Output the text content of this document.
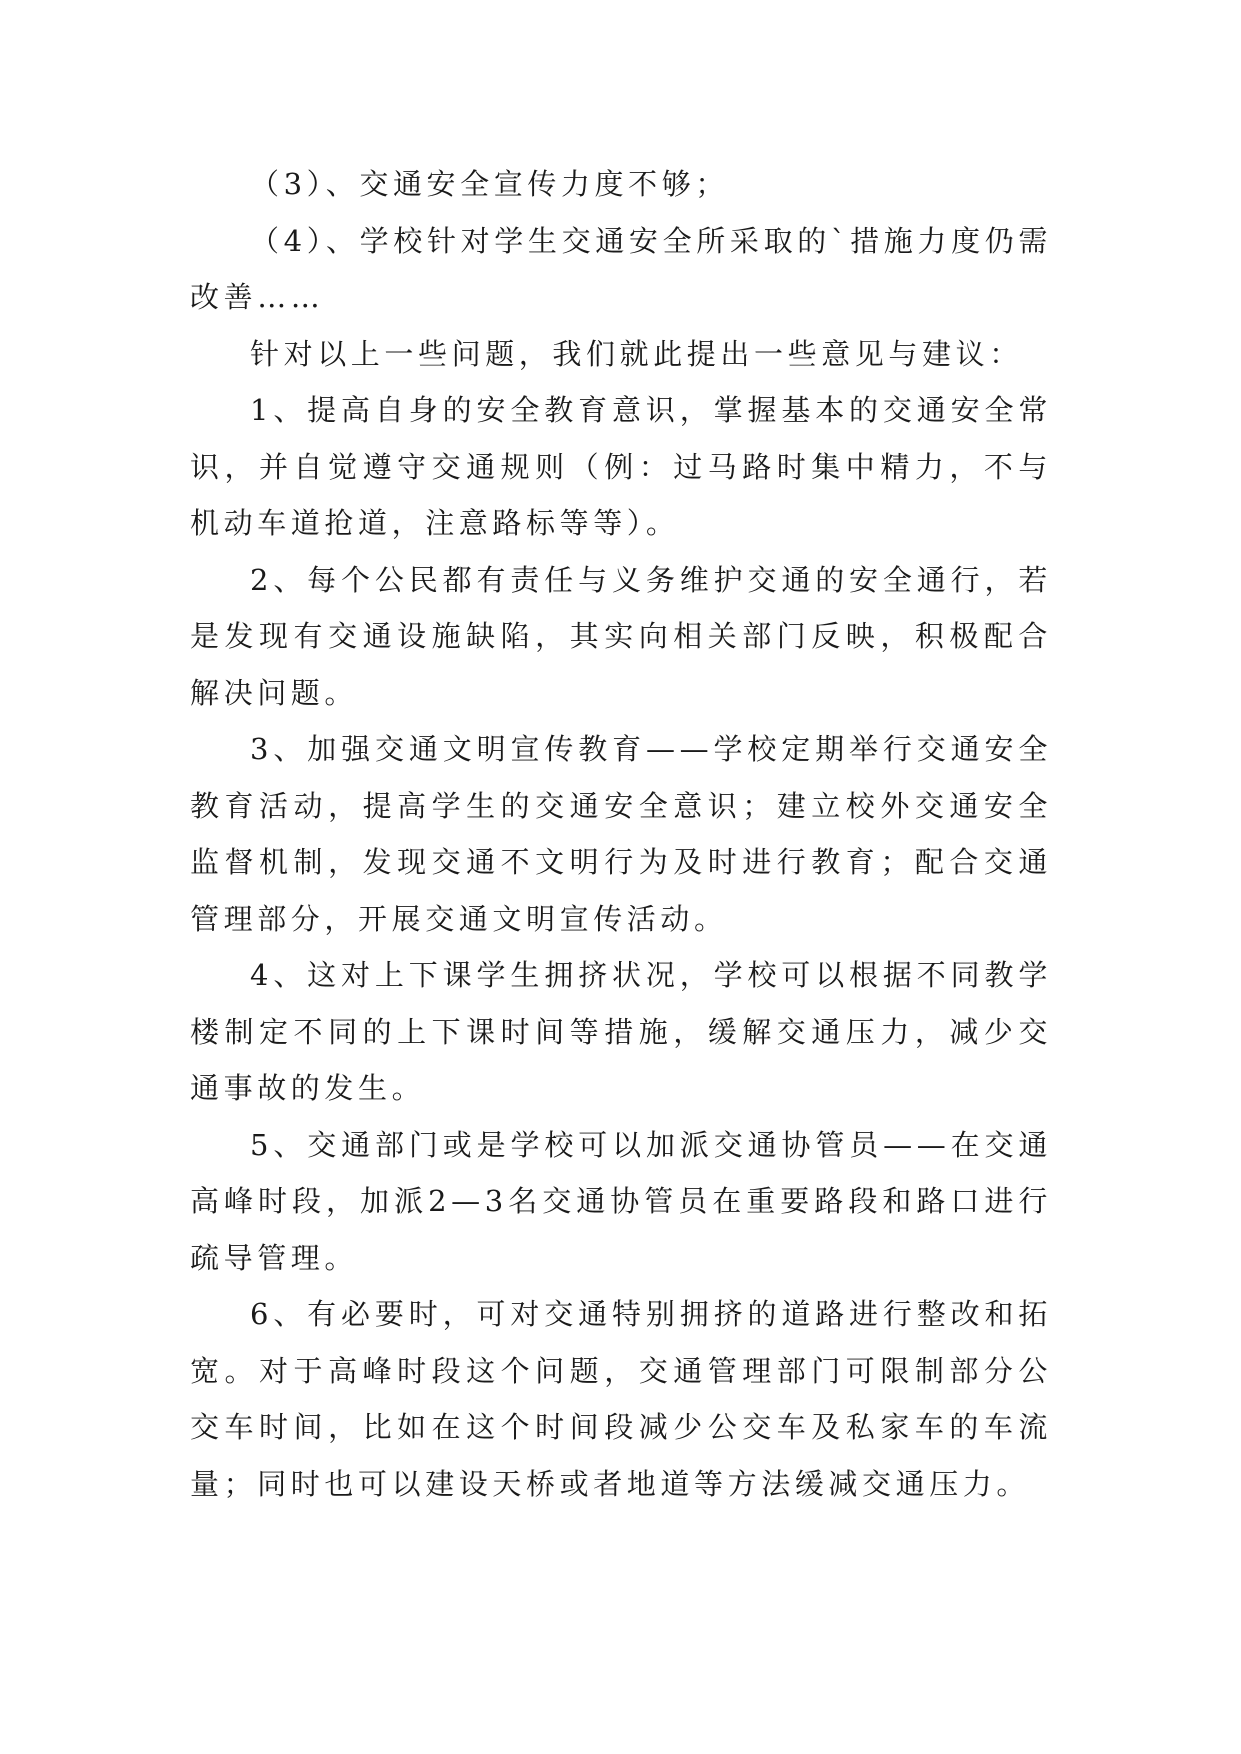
（3）、交通安全宣传力度不够；

（4）、学校针对学生交通安全所采取的`措施力度仍需改善……

针对以上一些问题，我们就此提出一些意见与建议：

1、提高自身的安全教育意识，掌握基本的交通安全常识，并自觉遵守交通规则（例：过马路时集中精力，不与机动车道抢道，注意路标等等）。

2、每个公民都有责任与义务维护交通的安全通行，若是发现有交通设施缺陷，其实向相关部门反映，积极配合解决问题。

3、加强交通文明宣传教育——学校定期举行交通安全教育活动，提高学生的交通安全意识；建立校外交通安全监督机制，发现交通不文明行为及时进行教育；配合交通管理部分，开展交通文明宣传活动。

4、这对上下课学生拥挤状况，学校可以根据不同教学楼制定不同的上下课时间等措施，缓解交通压力，减少交通事故的发生。

5、交通部门或是学校可以加派交通协管员——在交通高峰时段，加派2—3名交通协管员在重要路段和路口进行疏导管理。

6、有必要时，可对交通特别拥挤的道路进行整改和拓宽。对于高峰时段这个问题，交通管理部门可限制部分公交车时间，比如在这个时间段减少公交车及私家车的车流量；同时也可以建设天桥或者地道等方法缓减交通压力。
